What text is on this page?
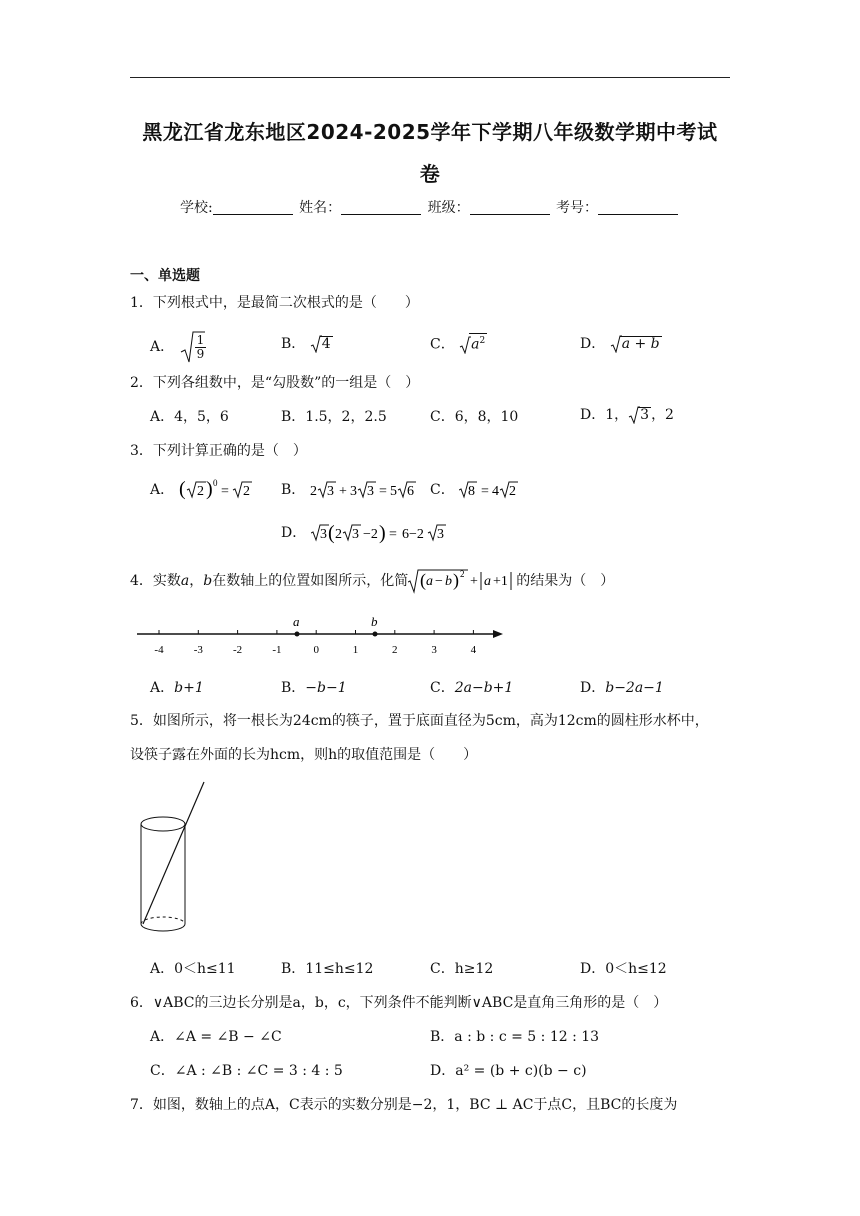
黑龙江省龙东地区2024-2025学年下学期八年级数学期中考试
卷
学校:	姓名：	班级：	考号：
一、单选题
1．下列根式中，是最简二次根式的是（　　）
A． $\frac{1}{9}$	B． 4	C． $a^2$	D． a + b
2．下列各组数中，是“勾股数”的一组是（　）
A．4，5，6	B．1.5，2，2.5	C．6，8，10	D．1， 3 ，2
3．下列计算正确的是（　）
A． ( 2 ) 0
= 2 B． 2 3 + 3 3 = 5 6 C． 8 = 4 2
D． 3 ( 2 3 −2 ) = 6−2 3
4．实数a，b在数轴上的位置如图所示，化简 ( a − b ) 2 + a +1 的结果为（　）
-4	-3	-2	-1	0	1	2	3	4
a	b
A．b+1	B．−b−1	C．2a−b+1	D．b−2a−1
5．如图所示，将一根长为24cm的筷子，置于底面直径为5cm，高为12cm的圆柱形水杯中，
设筷子露在外面的长为hcm，则h的取值范围是（　　）
A．0＜h≤11	B．11≤h≤12	C．h≥12	D．0＜h≤12
6．∨ABC的三边长分别是a，b，c，下列条件不能判断∨ABC是直角三角形的是（　）
A．∠A = ∠B − ∠C	B．a : b : c = 5 : 12 : 13
C．∠A : ∠B : ∠C = 3 : 4 : 5	D．a² = (b + c)(b − c)
7．如图，数轴上的点A，C表示的实数分别是−2，1，BC ⊥ AC于点C，且BC的长度为
